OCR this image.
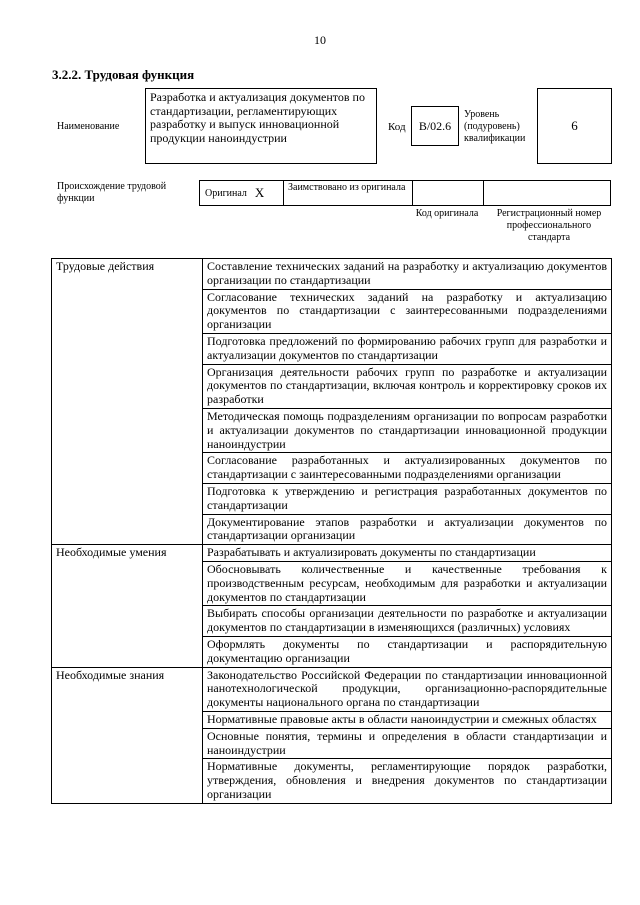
10
3.2.2. Трудовая функция
Наименование
Разработка и актуализация документов по стандартизации, регламентирующих разработку и выпуск инновационной продукции наноиндустрии
Код	B/02.6
Уровень (подуровень) квалификации
6
Происхождение трудовой функции	Оригинал X	Заимствовано из оригинала
Код оригинала	Регистрационный номер профессионального стандарта
Трудовые действия	Составление технических заданий на разработку и актуализацию документов организации по стандартизации
	Согласование технических заданий на разработку и актуализацию документов по стандартизации с заинтересованными подразделениями организации
	Подготовка предложений по формированию рабочих групп для разработки и актуализации документов по стандартизации
	Организация деятельности рабочих групп по разработке и актуализации документов по стандартизации, включая контроль и корректировку сроков их разработки
	Методическая помощь подразделениям организации по вопросам разработки и актуализации документов по стандартизации инновационной продукции наноиндустрии
	Согласование разработанных и актуализированных документов по стандартизации с заинтересованными подразделениями организации
	Подготовка к утверждению и регистрация разработанных документов по стандартизации
	Документирование этапов разработки и актуализации документов по стандартизации организации
Необходимые умения	Разрабатывать и актуализировать документы по стандартизации
	Обосновывать количественные и качественные требования к производственным ресурсам, необходимым для разработки и актуализации документов по стандартизации
	Выбирать способы организации деятельности по разработке и актуализации документов по стандартизации в изменяющихся (различных) условиях
	Оформлять документы по стандартизации и распорядительную документацию организации
Необходимые знания	Законодательство Российской Федерации по стандартизации инновационной нанотехнологической продукции, организационно-распорядительные документы национального органа по стандартизации
	Нормативные правовые акты в области наноиндустрии и смежных областях
	Основные понятия, термины и определения в области стандартизации и наноиндустрии
	Нормативные документы, регламентирующие порядок разработки, утверждения, обновления и внедрения документов по стандартизации организации
